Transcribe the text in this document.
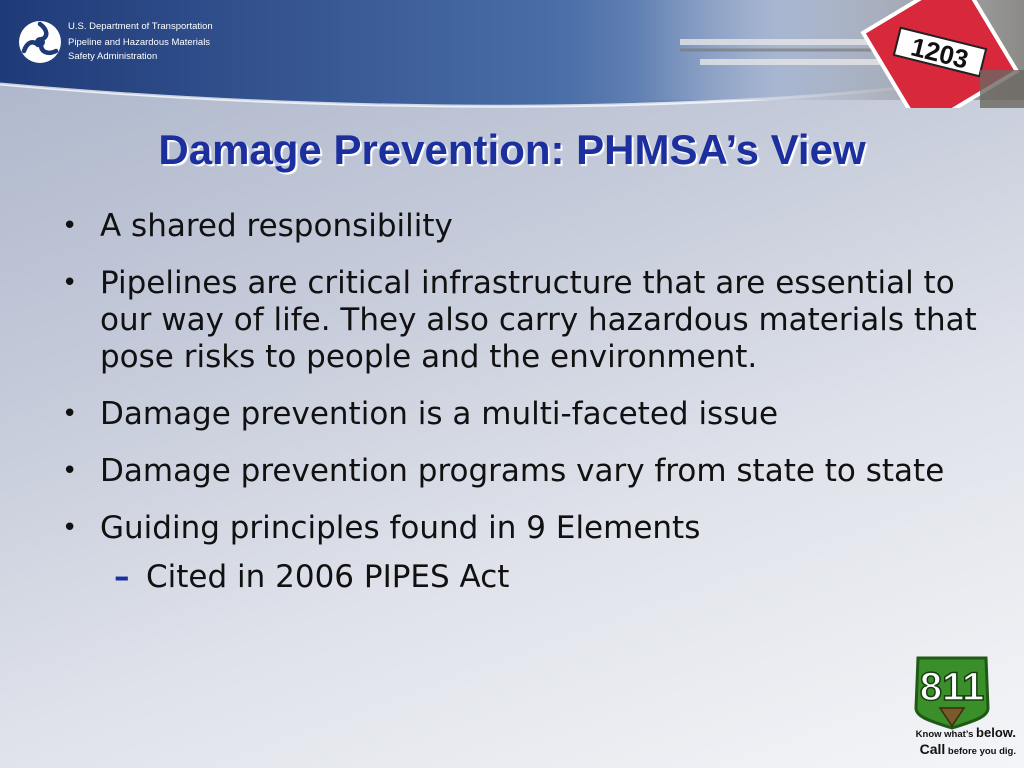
1203
U.S. Department of Transportation
Pipeline and Hazardous Materials
Safety Administration
Damage Prevention: PHMSA’s View
• A shared responsibility
• Pipelines are critical infrastructure that are essential to our way of life. They also carry hazardous materials that pose risks to people and the environment.
• Damage prevention is a multi-faceted issue
• Damage prevention programs vary from state to state
• Guiding principles found in 9 Elements
– Cited in 2006 PIPES Act
811
Know what’s below.
Call before you dig.
